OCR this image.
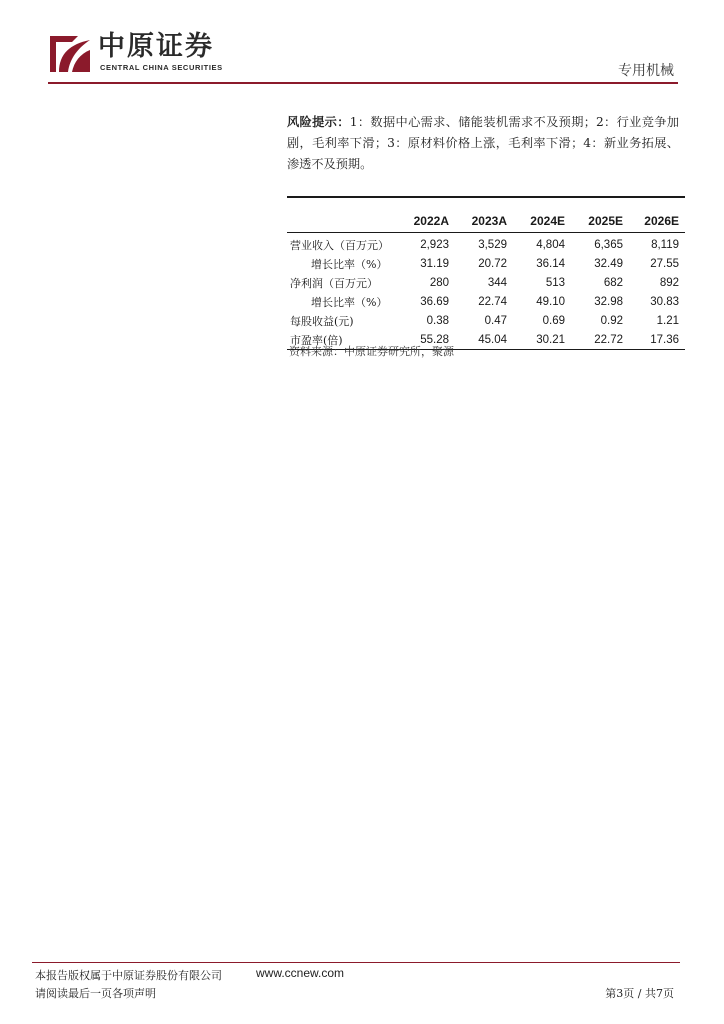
中原证券
CENTRAL CHINA SECURITIES	专用机械
风险提示：1：数据中心需求、储能装机需求不及预期；2：行业竞争加剧，毛利率下滑；3：原材料价格上涨，毛利率下滑；4：新业务拓展、渗透不及预期。
	2022A	2023A	2024E	2025E	2026E
营业收入（百万元）	2,923	3,529	4,804	6,365	8,119
增长比率（%）	31.19	20.72	36.14	32.49	27.55
净利润（百万元）	280	344	513	682	892
增长比率（%）	36.69	22.74	49.10	32.98	30.83
每股收益(元)	0.38	0.47	0.69	0.92	1.21
市盈率(倍)	55.28	45.04	30.21	22.72	17.36
资料来源：中原证券研究所，聚源
本报告版权属于中原证券股份有限公司	www.ccnew.com
请阅读最后一页各项声明	第3页 / 共7页
